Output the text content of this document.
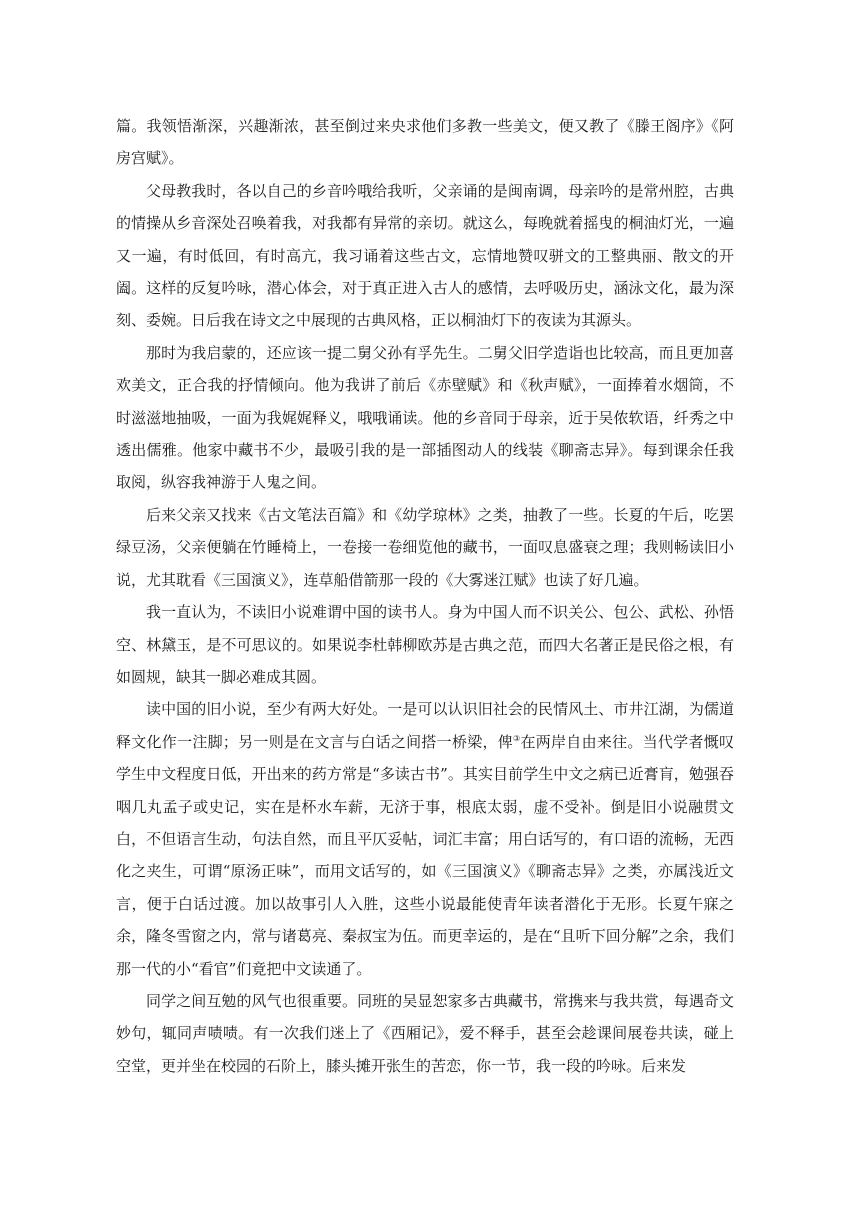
篇。我领悟渐深，兴趣渐浓，甚至倒过来央求他们多教一些美文，便又教了《滕王阁序》《阿房宫赋》。

父母教我时，各以自己的乡音吟哦给我听，父亲诵的是闽南调，母亲吟的是常州腔，古典的情操从乡音深处召唤着我，对我都有异常的亲切。就这么，每晚就着摇曳的桐油灯光，一遍又一遍，有时低回，有时高亢，我习诵着这些古文，忘情地赞叹骈文的工整典丽、散文的开阖。这样的反复吟咏，潜心体会，对于真正进入古人的感情，去呼吸历史，涵泳文化，最为深刻、委婉。日后我在诗文之中展现的古典风格，正以桐油灯下的夜读为其源头。

那时为我启蒙的，还应该一提二舅父孙有孚先生。二舅父旧学造诣也比较高，而且更加喜欢美文，正合我的抒情倾向。他为我讲了前后《赤壁赋》和《秋声赋》，一面捧着水烟筒，不时滋滋地抽吸，一面为我娓娓释义，哦哦诵读。他的乡音同于母亲，近于吴侬软语，纤秀之中透出儒雅。他家中藏书不少，最吸引我的是一部插图动人的线装《聊斋志异》。每到课余任我取阅，纵容我神游于人鬼之间。

后来父亲又找来《古文笔法百篇》和《幼学琼林》之类，抽教了一些。长夏的午后，吃罢绿豆汤，父亲便躺在竹睡椅上，一卷接一卷细览他的藏书，一面叹息盛衰之理；我则畅读旧小说，尤其耽看《三国演义》，连草船借箭那一段的《大雾迷江赋》也读了好几遍。

我一直认为，不读旧小说难谓中国的读书人。身为中国人而不识关公、包公、武松、孙悟空、林黛玉，是不可思议的。如果说李杜韩柳欧苏是古典之范，而四大名著正是民俗之根，有如圆规，缺其一脚必难成其圆。

读中国的旧小说，至少有两大好处。一是可以认识旧社会的民情风土、市井江湖，为儒道释文化作一注脚；另一则是在文言与白话之间搭一桥梁，俾③在两岸自由来往。当代学者慨叹学生中文程度日低，开出来的药方常是“多读古书”。其实目前学生中文之病已近膏肓，勉强吞咽几丸孟子或史记，实在是杯水车薪，无济于事，根底太弱，虚不受补。倒是旧小说融贯文白，不但语言生动，句法自然，而且平仄妥帖，词汇丰富；用白话写的，有口语的流畅，无西化之夹生，可谓“原汤正味”，而用文话写的，如《三国演义》《聊斋志异》之类，亦属浅近文言，便于白话过渡。加以故事引人入胜，这些小说最能使青年读者潜化于无形。长夏午寐之余，隆冬雪窗之内，常与诸葛亮、秦叔宝为伍。而更幸运的，是在“且听下回分解”之余，我们那一代的小“看官”们竟把中文读通了。

同学之间互勉的风气也很重要。同班的吴显恕家多古典藏书，常携来与我共赏，每遇奇文妙句，辄同声啧啧。有一次我们迷上了《西厢记》，爱不释手，甚至会趁课间展卷共读，碰上空堂，更并坐在校园的石阶上，膝头摊开张生的苦恋，你一节，我一段的吟咏。后来发
